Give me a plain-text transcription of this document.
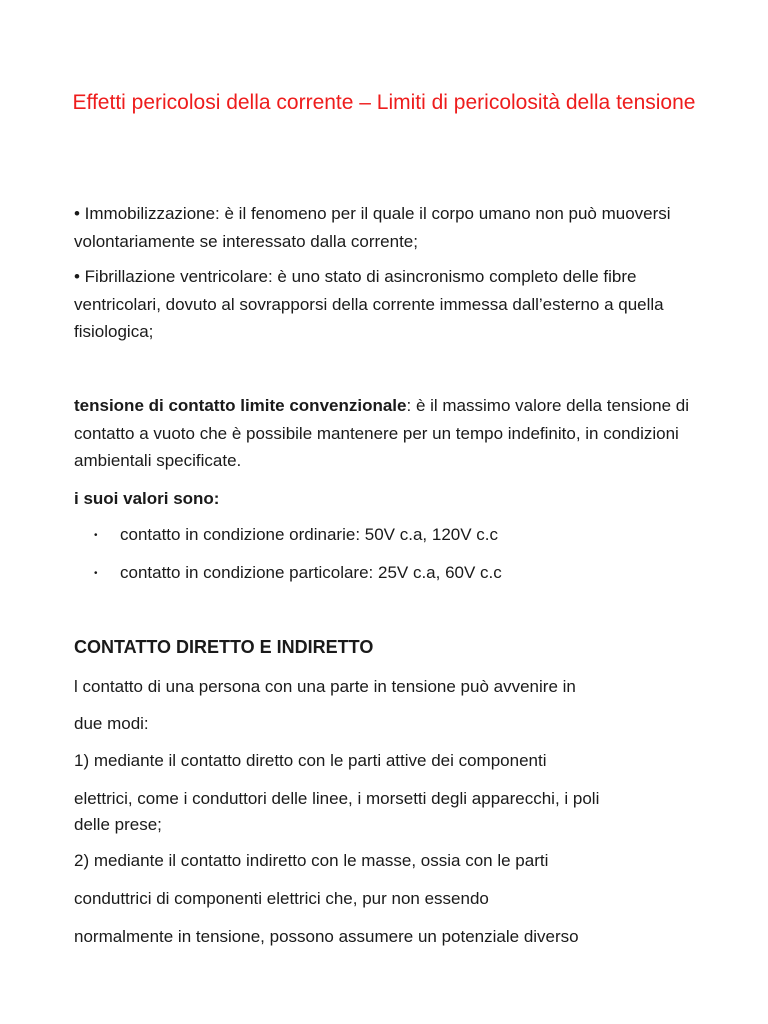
Effetti pericolosi della corrente – Limiti di pericolosità della tensione
• Immobilizzazione: è il fenomeno per il quale il corpo umano non può muoversi volontariamente se interessato dalla corrente;
• Fibrillazione ventricolare: è uno stato di asincronismo completo delle fibre ventricolari, dovuto al sovrapporsi della corrente immessa dall’esterno a quella fisiologica;
tensione di contatto limite convenzionale: è il massimo valore della tensione di contatto a vuoto che è possibile mantenere per un tempo indefinito, in condizioni ambientali specificate.
i suoi valori sono:
• contatto in condizione ordinarie: 50V c.a, 120V c.c
• contatto in condizione particolare: 25V c.a, 60V c.c
CONTATTO DIRETTO E INDIRETTO
l contatto di una persona con una parte in tensione può avvenire in
due modi:
1) mediante il contatto diretto con le parti attive dei componenti
elettrici, come i conduttori delle linee, i morsetti degli apparecchi, i poli
delle prese;
2) mediante il contatto indiretto con le masse, ossia con le parti
conduttrici di componenti elettrici che, pur non essendo
normalmente in tensione, possono assumere un potenziale diverso
